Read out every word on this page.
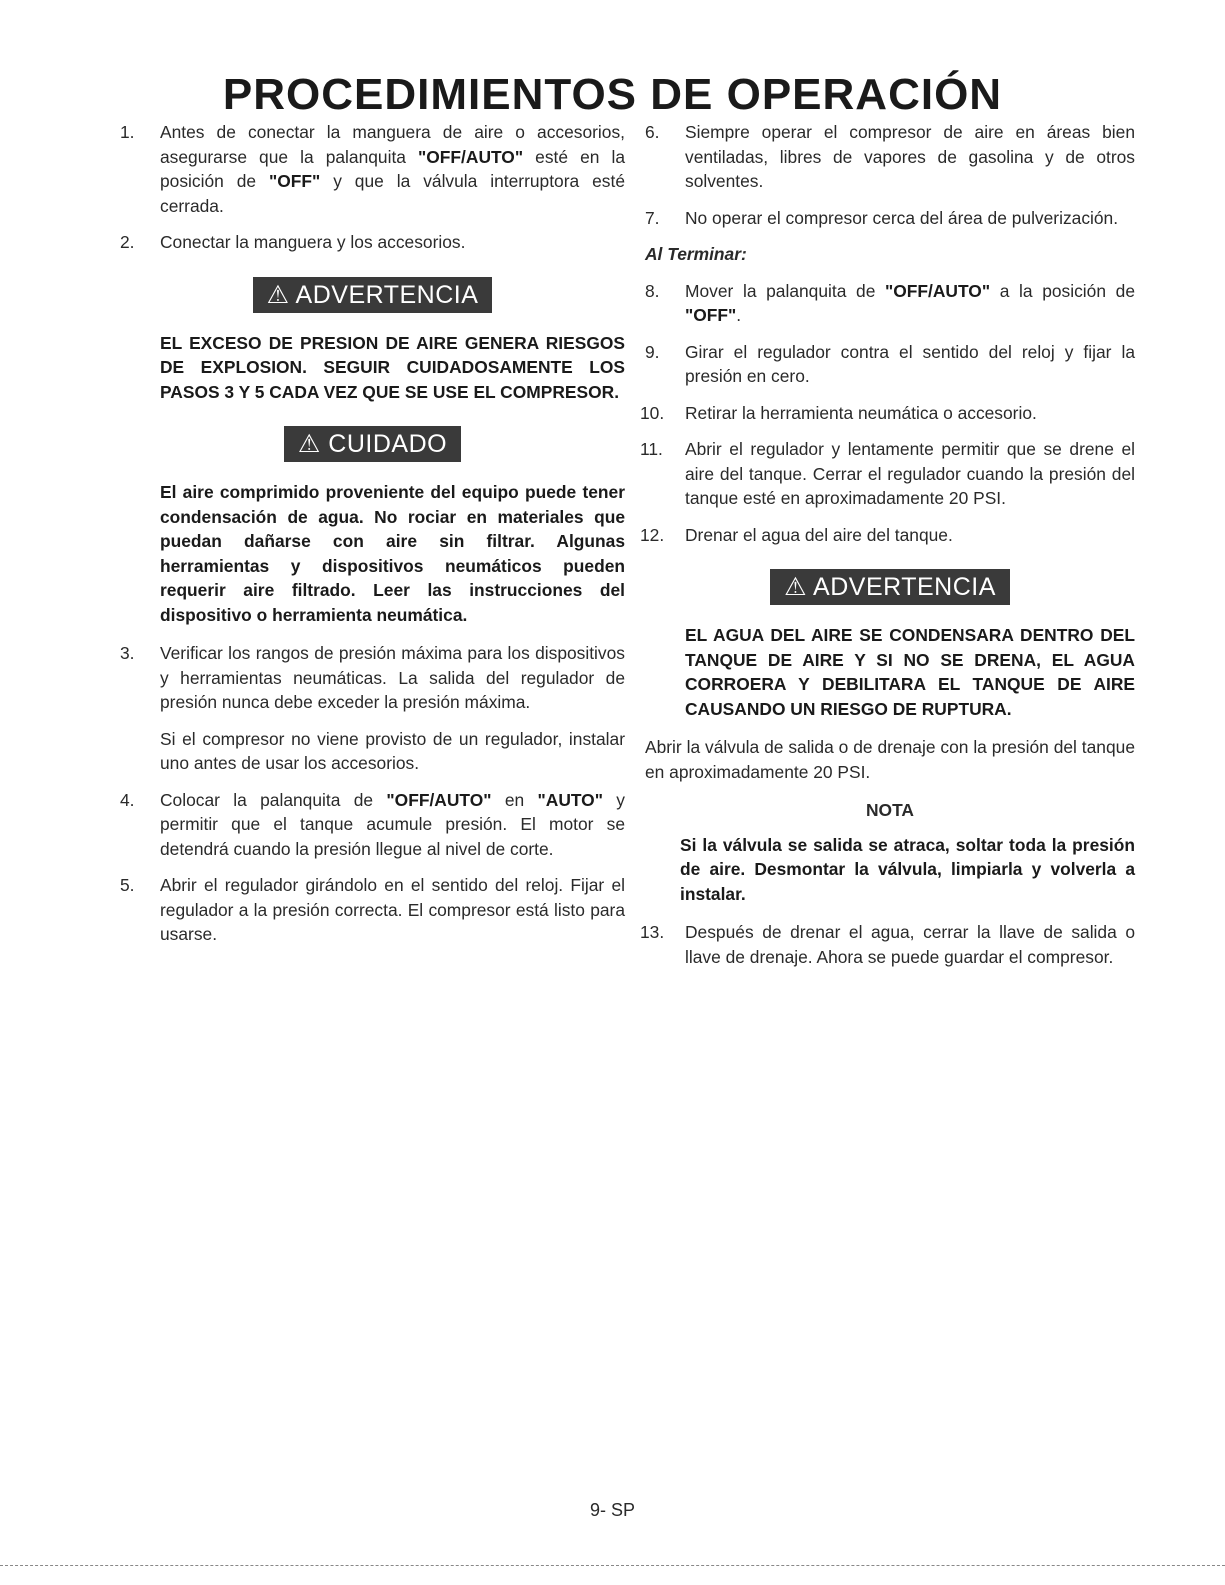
PROCEDIMIENTOS DE OPERACIÓN
1.	Antes de conectar la manguera de aire o accesorios, asegurarse que la palanquita "OFF/AUTO" esté en la posición de "OFF" y que la válvula interruptora esté cerrada.
2.	Conectar la manguera y los accesorios.
⚠ ADVERTENCIA
EL EXCESO DE PRESION DE AIRE GENERA RIESGOS DE EXPLOSION. SEGUIR CUIDADOSAMENTE LOS PASOS 3 Y 5 CADA VEZ QUE SE USE EL COMPRESOR.
⚠ CUIDADO
El aire comprimido proveniente del equipo puede tener condensación de agua. No rociar en materiales que puedan dañarse con aire sin filtrar. Algunas herramientas y dispositivos neumáticos pueden requerir aire filtrado. Leer las instrucciones del dispositivo o herramienta neumática.
3.	Verificar los rangos de presión máxima para los dispositivos y herramientas neumáticas. La salida del regulador de presión nunca debe exceder la presión máxima.
Si el compresor no viene provisto de un regulador, instalar uno antes de usar los accesorios.
4.	Colocar la palanquita de "OFF/AUTO" en "AUTO" y permitir que el tanque acumule presión. El motor se detendrá cuando la presión llegue al nivel de corte.
5.	Abrir el regulador girándolo en el sentido del reloj. Fijar el regulador a la presión correcta. El compresor está listo para usarse.
6.	Siempre operar el compresor de aire en áreas bien ventiladas, libres de vapores de gasolina y de otros solventes.
7.	No operar el compresor cerca del área de pulverización.
Al Terminar:
8.	Mover la palanquita de "OFF/AUTO" a la posición de "OFF".
9.	Girar el regulador contra el sentido del reloj y fijar la presión en cero.
10.	Retirar la herramienta neumática o accesorio.
11.	Abrir el regulador y lentamente permitir que se drene el aire del tanque. Cerrar el regulador cuando la presión del tanque esté en aproximadamente 20 PSI.
12.	Drenar el agua del aire del tanque.
⚠ ADVERTENCIA
EL AGUA DEL AIRE SE CONDENSARA DENTRO DEL TANQUE DE AIRE Y SI NO SE DRENA, EL AGUA CORROERA Y DEBILITARA EL TANQUE DE AIRE CAUSANDO UN RIESGO DE RUPTURA.
Abrir la válvula de salida o de drenaje con la presión del tanque en aproximadamente 20 PSI.
NOTA
Si la válvula se salida se atraca, soltar toda la presión de aire. Desmontar la válvula, limpiarla y volverla a instalar.
13.	Después de drenar el agua, cerrar la llave de salida o llave de drenaje. Ahora se puede guardar el compresor.
9- SP
